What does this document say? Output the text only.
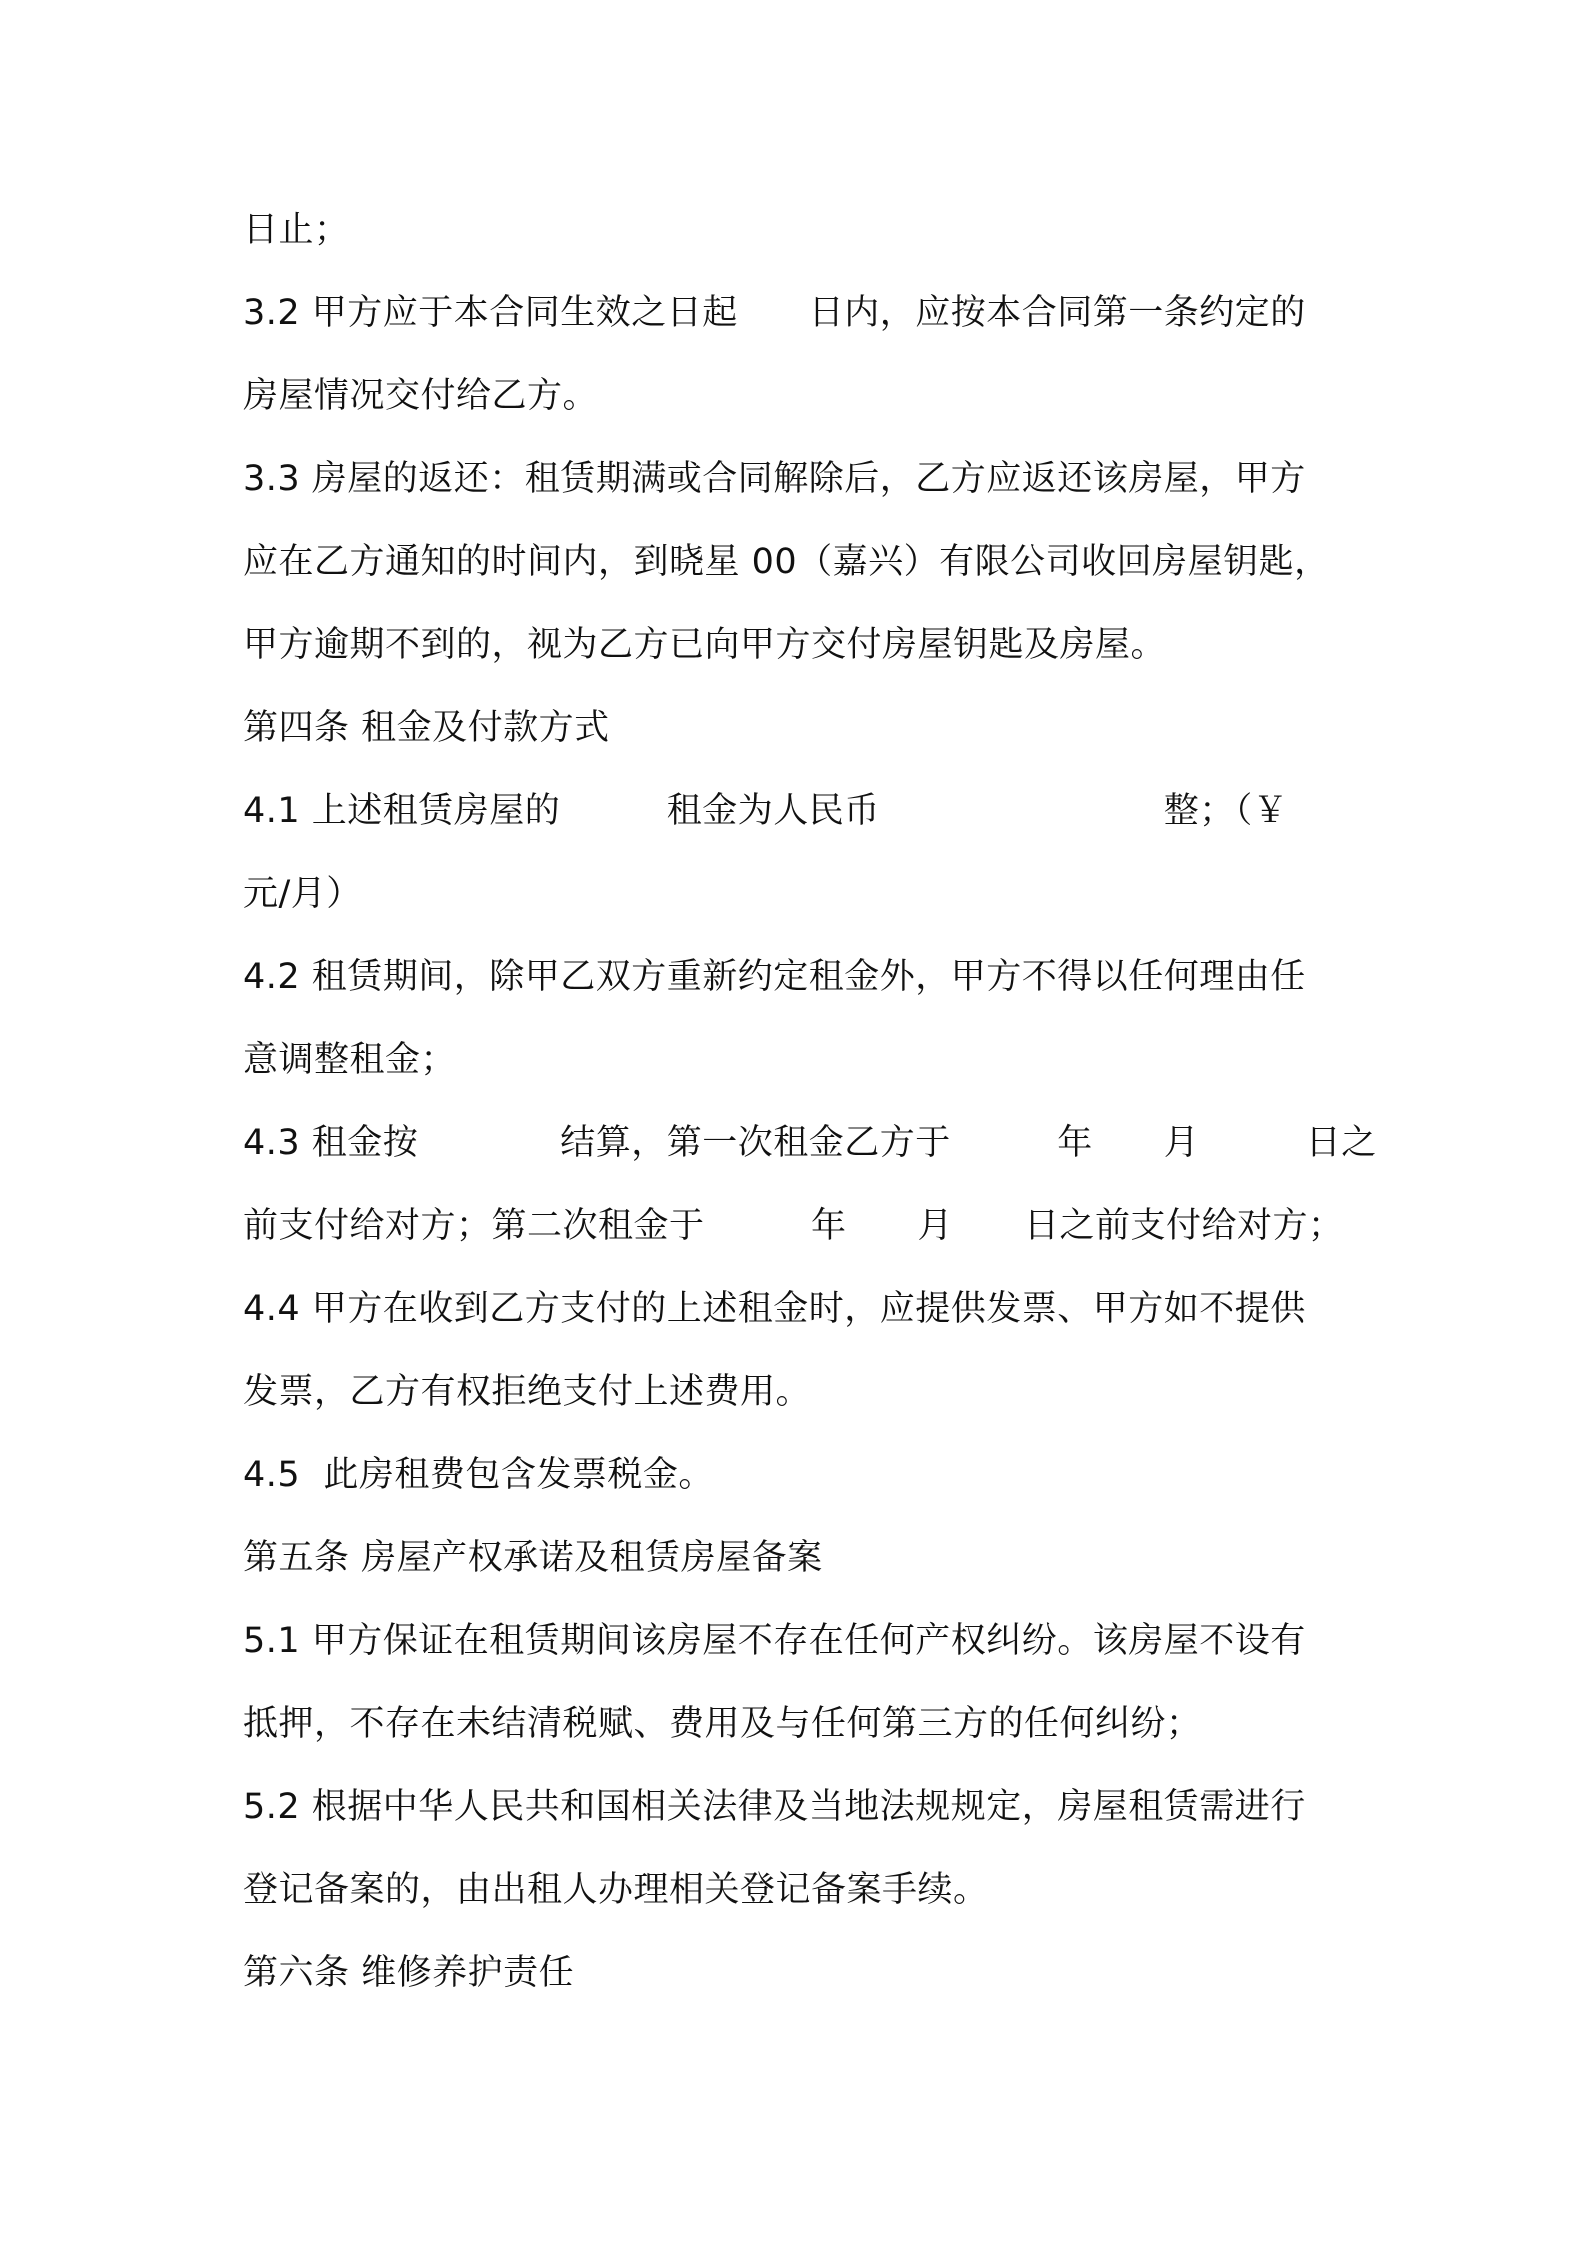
日止；
3.2 甲方应于本合同生效之日起　　日内，应按本合同第一条约定的
房屋情况交付给乙方。
3.3 房屋的返还：租赁期满或合同解除后，乙方应返还该房屋，甲方
应在乙方通知的时间内，到晓星 00（嘉兴）有限公司收回房屋钥匙，
甲方逾期不到的，视为乙方已向甲方交付房屋钥匙及房屋。
第四条 租金及付款方式
4.1 上述租赁房屋的　　　租金为人民币　　　　　　　　整；（￥
元/月）
4.2 租赁期间，除甲乙双方重新约定租金外，甲方不得以任何理由任
意调整租金；
4.3 租金按　　　　结算，第一次租金乙方于　　　年　　月　　　日之
前支付给对方；第二次租金于　　　年　　月　　日之前支付给对方；
4.4 甲方在收到乙方支付的上述租金时，应提供发票、甲方如不提供
发票，乙方有权拒绝支付上述费用。
4.5  此房租费包含发票税金。
第五条 房屋产权承诺及租赁房屋备案
5.1 甲方保证在租赁期间该房屋不存在任何产权纠纷。该房屋不设有
抵押，不存在未结清税赋、费用及与任何第三方的任何纠纷；
5.2 根据中华人民共和国相关法律及当地法规规定，房屋租赁需进行
登记备案的，由出租人办理相关登记备案手续。
第六条 维修养护责任
